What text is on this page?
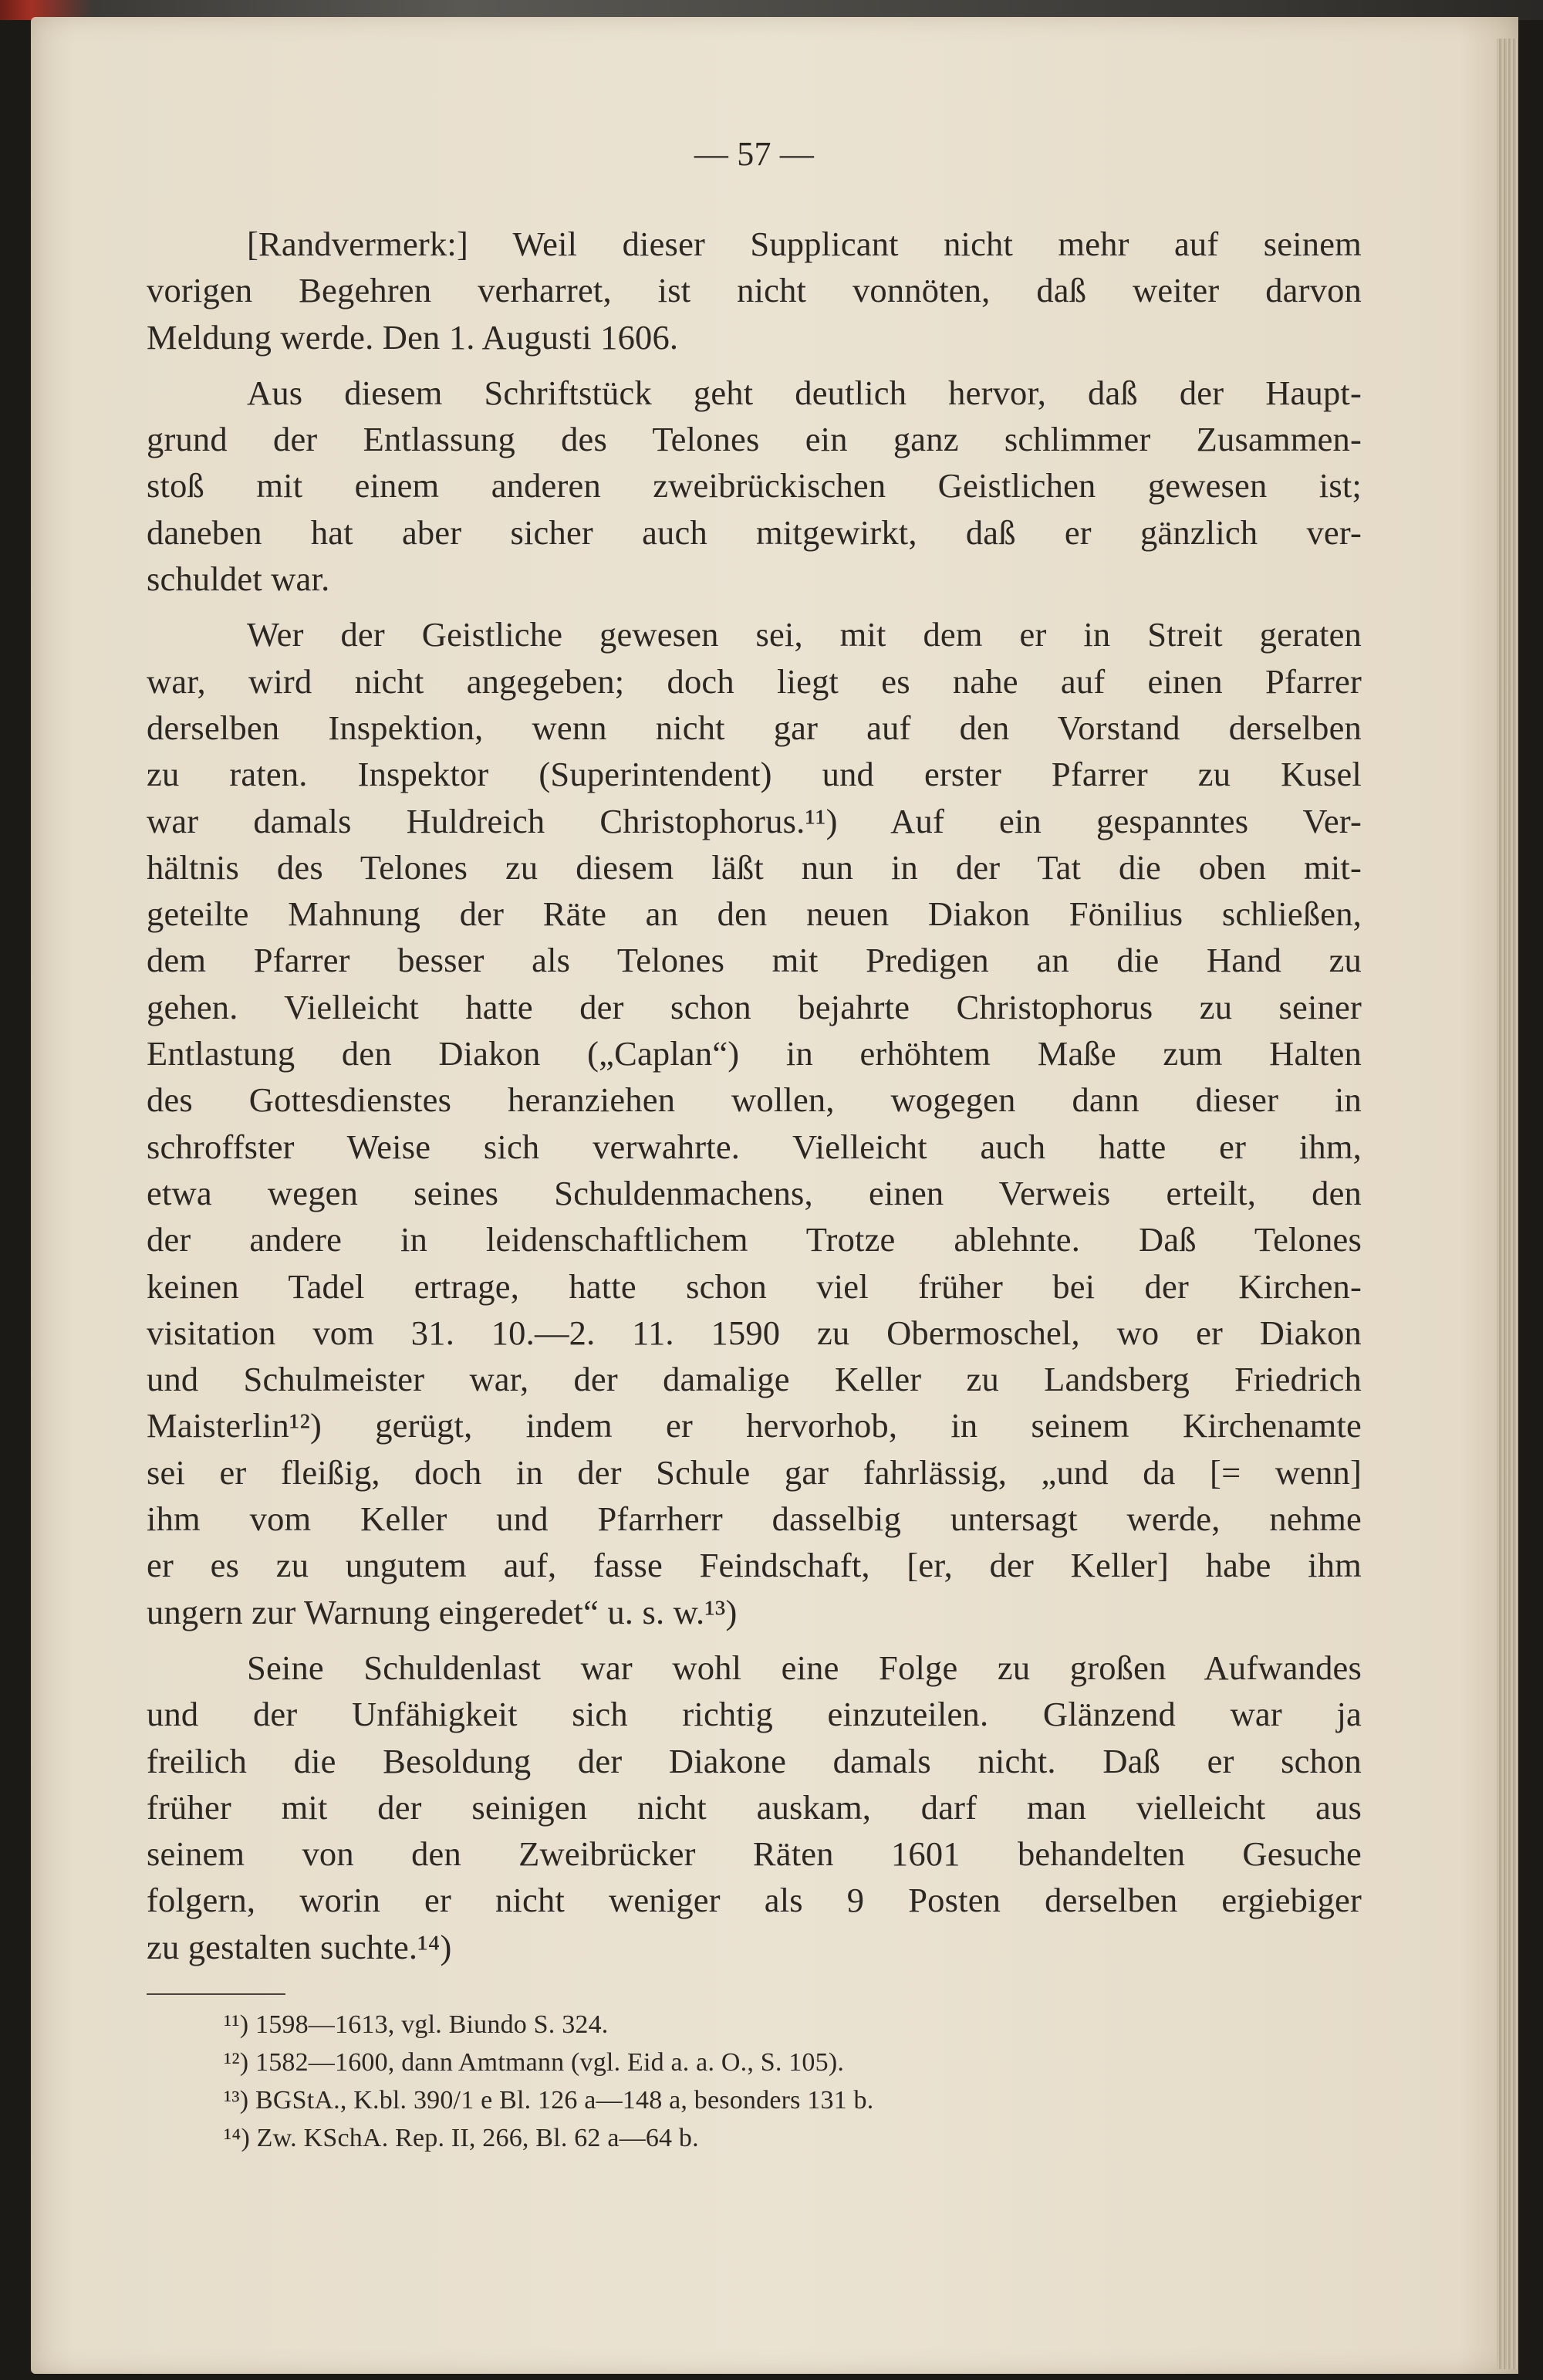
— 57 —
[Randvermerk:] Weil dieser Supplicant nicht mehr auf seinem
vorigen Begehren verharret, ist nicht vonnöten, daß weiter darvon
Meldung werde. Den 1. Augusti 1606.
Aus diesem Schriftstück geht deutlich hervor, daß der Haupt-
grund der Entlassung des Telones ein ganz schlimmer Zusammen-
stoß mit einem anderen zweibrückischen Geistlichen gewesen ist;
daneben hat aber sicher auch mitgewirkt, daß er gänzlich ver-
schuldet war.
Wer der Geistliche gewesen sei, mit dem er in Streit geraten
war, wird nicht angegeben; doch liegt es nahe auf einen Pfarrer
derselben Inspektion, wenn nicht gar auf den Vorstand derselben
zu raten. Inspektor (Superintendent) und erster Pfarrer zu Kusel
war damals Huldreich Christophorus.¹¹) Auf ein gespanntes Ver-
hältnis des Telones zu diesem läßt nun in der Tat die oben mit-
geteilte Mahnung der Räte an den neuen Diakon Fönilius schließen,
dem Pfarrer besser als Telones mit Predigen an die Hand zu
gehen. Vielleicht hatte der schon bejahrte Christophorus zu seiner
Entlastung den Diakon („Caplan“) in erhöhtem Maße zum Halten
des Gottesdienstes heranziehen wollen, wogegen dann dieser in
schroffster Weise sich verwahrte. Vielleicht auch hatte er ihm,
etwa wegen seines Schuldenmachens, einen Verweis erteilt, den
der andere in leidenschaftlichem Trotze ablehnte. Daß Telones
keinen Tadel ertrage, hatte schon viel früher bei der Kirchen-
visitation vom 31. 10.—2. 11. 1590 zu Obermoschel, wo er Diakon
und Schulmeister war, der damalige Keller zu Landsberg Friedrich
Maisterlin¹²) gerügt, indem er hervorhob, in seinem Kirchenamte
sei er fleißig, doch in der Schule gar fahrlässig, „und da [= wenn]
ihm vom Keller und Pfarrherr dasselbig untersagt werde, nehme
er es zu ungutem auf, fasse Feindschaft, [er, der Keller] habe ihm
ungern zur Warnung eingeredet“ u. s. w.¹³)
Seine Schuldenlast war wohl eine Folge zu großen Aufwandes
und der Unfähigkeit sich richtig einzuteilen. Glänzend war ja
freilich die Besoldung der Diakone damals nicht. Daß er schon
früher mit der seinigen nicht auskam, darf man vielleicht aus
seinem von den Zweibrücker Räten 1601 behandelten Gesuche
folgern, worin er nicht weniger als 9 Posten derselben ergiebiger
zu gestalten suchte.¹⁴)
¹¹) 1598—1613, vgl. Biundo S. 324.
¹²) 1582—1600, dann Amtmann (vgl. Eid a. a. O., S. 105).
¹³) BGStA., K.bl. 390/1 e Bl. 126 a—148 a, besonders 131 b.
¹⁴) Zw. KSchA. Rep. II, 266, Bl. 62 a—64 b.
